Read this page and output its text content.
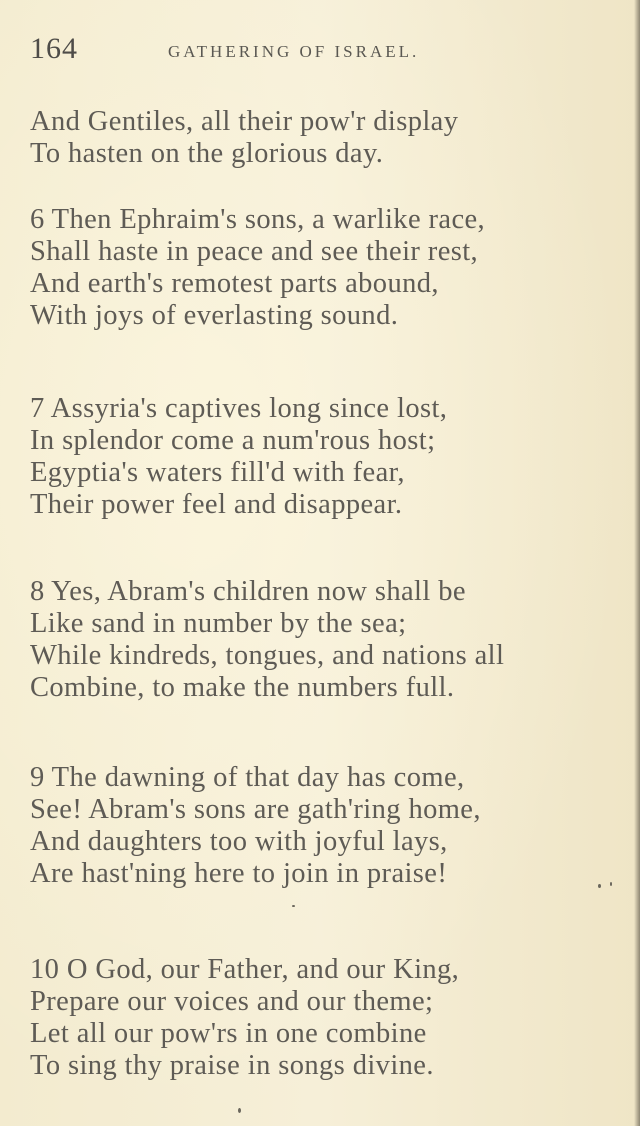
164	GATHERING OF ISRAEL.
And Gentiles, all their pow'r display
To hasten on the glorious day.
6 Then Ephraim's sons, a warlike race,
Shall haste in peace and see their rest,
And earth's remotest parts abound,
With joys of everlasting sound.
7 Assyria's captives long since lost,
In splendor come a num'rous host;
Egyptia's waters fill'd with fear,
Their power feel and disappear.
8 Yes, Abram's children now shall be
Like sand in number by the sea;
While kindreds, tongues, and nations all
Combine, to make the numbers full.
9 The dawning of that day has come,
See! Abram's sons are gath'ring home,
And daughters too with joyful lays,
Are hast'ning here to join in praise!
10 O God, our Father, and our King,
Prepare our voices and our theme;
Let all our pow'rs in one combine
To sing thy praise in songs divine.
